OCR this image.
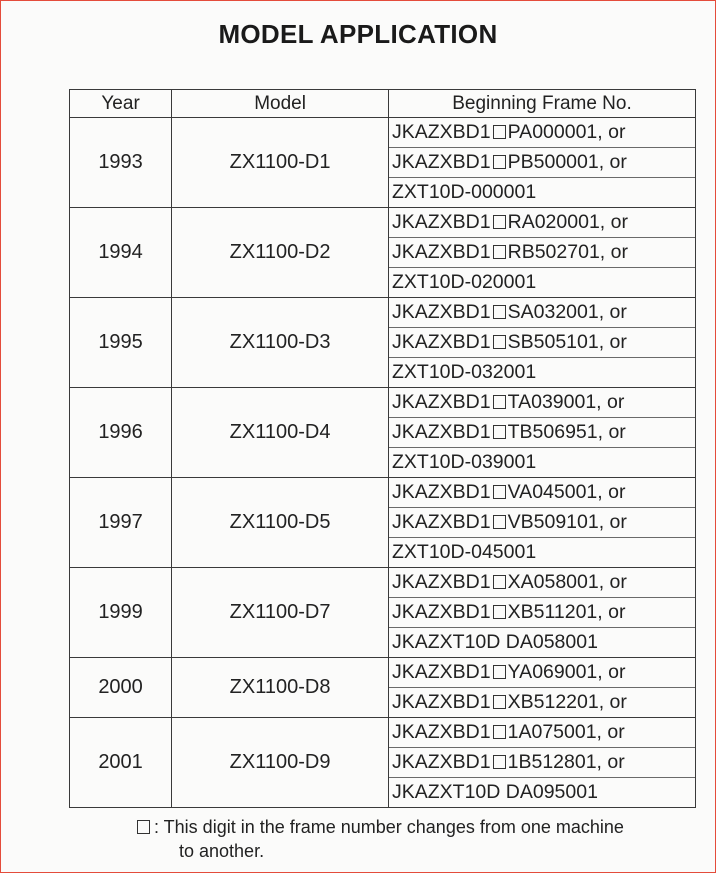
MODEL APPLICATION
Year	Model	Beginning Frame No.
1993	ZX1100-D1	JKAZXBD1 PA000001, or
JKAZXBD1 PB500001, or
ZXT10D-000001

1994	ZX1100-D2	JKAZXBD1 RA020001, or
JKAZXBD1 RB502701, or
ZXT10D-020001

1995	ZX1100-D3	JKAZXBD1 SA032001, or
JKAZXBD1 SB505101, or
ZXT10D-032001

1996	ZX1100-D4	JKAZXBD1 TA039001, or
JKAZXBD1 TB506951, or
ZXT10D-039001

1997	ZX1100-D5	JKAZXBD1 VA045001, or
JKAZXBD1 VB509101, or
ZXT10D-045001

1999	ZX1100-D7	JKAZXBD1 XA058001, or
JKAZXBD1 XB511201, or
JKAZXT10D DA058001

2000	ZX1100-D8	JKAZXBD1 YA069001, or
JKAZXBD1 XB512201, or

2001	ZX1100-D9	JKAZXBD1 1A075001, or
JKAZXBD1 1B512801, or
JKAZXT10D DA095001
: This digit in the frame number changes from one machine
to another.
